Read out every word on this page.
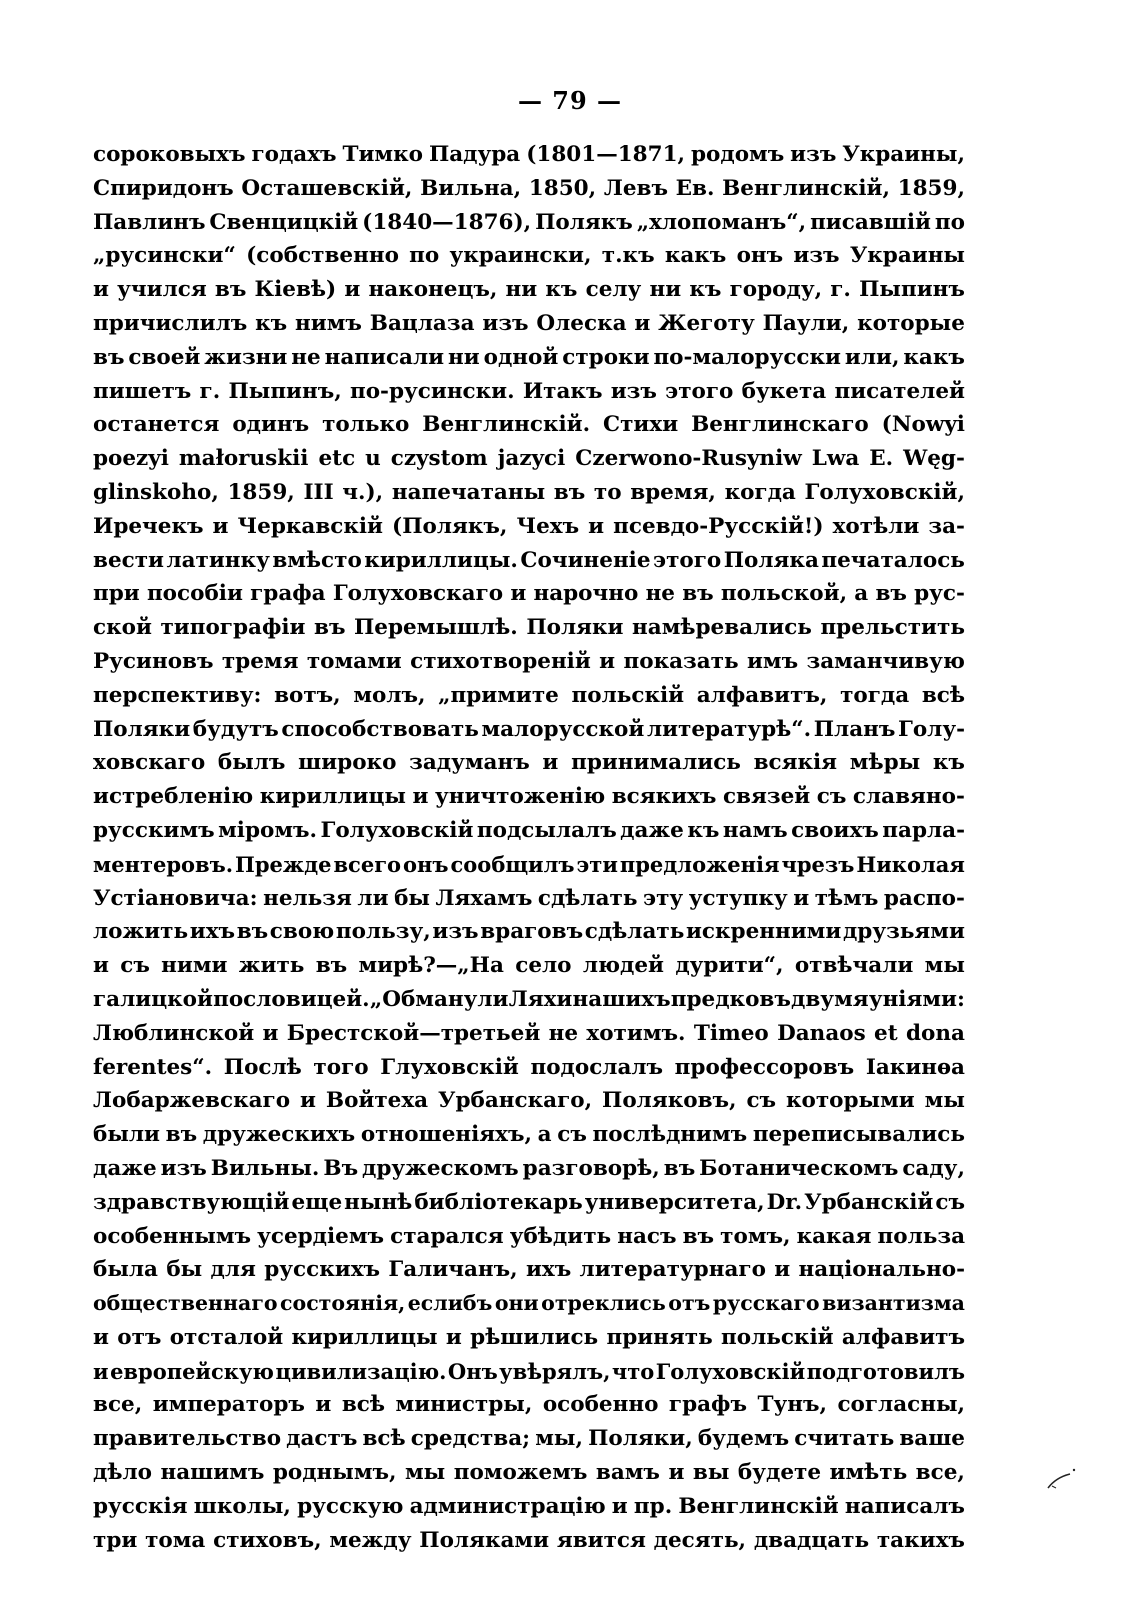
— 79 —
сороковыхъ годахъ Тимко Падура (1801—1871, родомъ изъ Украины,
Спиридонъ Осташевскій, Вильна, 1850, Левъ Ев. Венглинскій, 1859,
Павлинъ Свенцицкій (1840—1876), Полякъ „хлопоманъ“, писавшій по
„русински“ (собственно по украински, т.къ какъ онъ изъ Украины
и учился въ Кіевѣ) и наконецъ, ни къ селу ни къ городу, г. Пыпинъ
причислилъ къ нимъ Вацлаза изъ Олеска и Жеготу Паули, которые
въ своей жизни не написали ни одной строки по-малорусски или, какъ
пишетъ г. Пыпинъ, по-русински. Итакъ изъ этого букета писателей
останется одинъ только Венглинскій. Стихи Венглинскаго (Nowyi
poezyi małoruskii etc u czystom jazyci Czerwono-Rusyniw Lwa E. Węg-
glinskoho, 1859, III ч.), напечатаны въ то время, когда Голуховскій,
Иречекъ и Черкавскій (Полякъ, Чехъ и псевдо-Русскій!) хотѣли за-
вести латинку вмѣсто кириллицы. Сочиненіе этого Поляка печаталось
при пособіи графа Голуховскаго и нарочно не въ польской, а въ рус-
ской типографіи въ Перемышлѣ. Поляки намѣревались прельстить
Русиновъ тремя томами стихотвореній и показать имъ заманчивую
перспективу: вотъ, молъ, „примите польскій алфавитъ, тогда всѣ
Поляки будутъ способствовать малорусской литературѣ“. Планъ Голу-
ховскаго былъ широко задуманъ и принимались всякія мѣры къ
истребленію кириллицы и уничтоженію всякихъ связей съ славяно-
русскимъ міромъ. Голуховскій подсылалъ даже къ намъ своихъ парла-
ментеровъ. Прежде всего онъ сообщилъ эти предложенія чрезъ Николая
Устіановича: нельзя ли бы Ляхамъ сдѣлать эту уступку и тѣмъ распо-
ложить ихъ въ свою пользу, изъ враговъ сдѣлать искренними друзьями
и съ ними жить въ мирѣ?—„На село людей дурити“, отвѣчали мы
галицкой пословицей. „Обманули Ляхи нашихъ предковъ двумя уніями:
Люблинской и Брестской—третьей не хотимъ. Timeo Danaos et dona
ferentes“. Послѣ того Глуховскій подослалъ профессоровъ Іакинѳа
Лобаржевскаго и Войтеха Урбанскаго, Поляковъ, съ которыми мы
были въ дружескихъ отношеніяхъ, а съ послѣднимъ переписывались
даже изъ Вильны. Въ дружескомъ разговорѣ, въ Ботаническомъ саду,
здравствующій еще нынѣ библіотекарь университета, Dr. Урбанскій съ
особеннымъ усердіемъ старался убѣдить насъ въ томъ, какая польза
была бы для русскихъ Галичанъ, ихъ литературнаго и національно-
общественнаго состоянія, еслибъ они отреклись отъ русскаго византизма
и отъ отсталой кириллицы и рѣшились принять польскій алфавитъ
и европейскую цивилизацію. Онъ увѣрялъ, что Голуховскій подготовилъ
все, императоръ и всѣ министры, особенно графъ Тунъ, согласны,
правительство дастъ всѣ средства; мы, Поляки, будемъ считать ваше
дѣло нашимъ роднымъ, мы поможемъ вамъ и вы будете имѣть все,
русскія школы, русскую администрацію и пр. Венглинскій написалъ
три тома стиховъ, между Поляками явится десять, двадцать такихъ
